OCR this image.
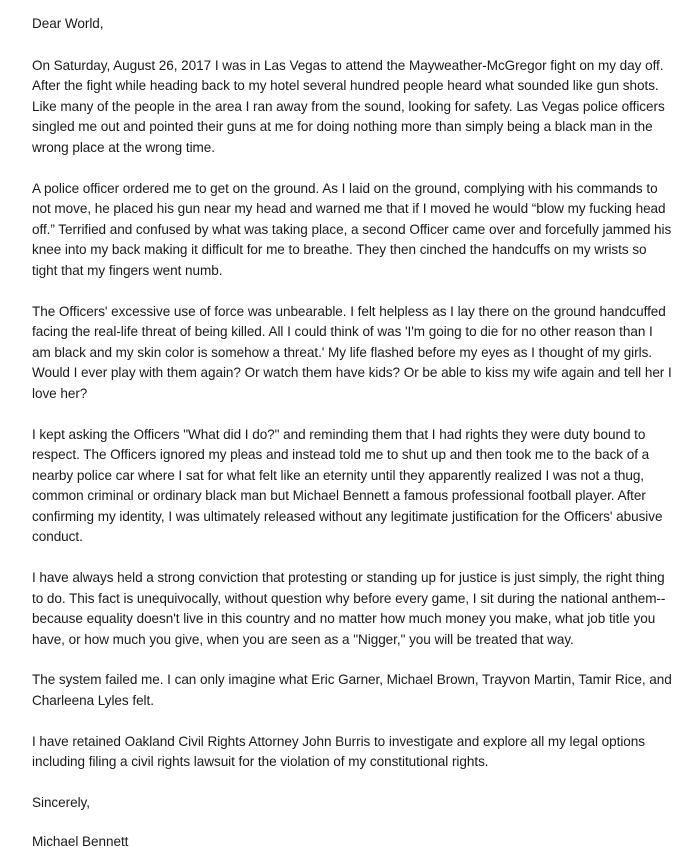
Dear World,

On Saturday, August 26, 2017 I was in Las Vegas to attend the Mayweather-McGregor fight on my day off. After the fight while heading back to my hotel several hundred people heard what sounded like gun shots. Like many of the people in the area I ran away from the sound, looking for safety. Las Vegas police officers singled me out and pointed their guns at me for doing nothing more than simply being a black man in the wrong place at the wrong time.

A police officer ordered me to get on the ground. As I laid on the ground, complying with his commands to not move, he placed his gun near my head and warned me that if I moved he would “blow my fucking head off.” Terrified and confused by what was taking place, a second Officer came over and forcefully jammed his knee into my back making it difficult for me to breathe. They then cinched the handcuffs on my wrists so tight that my fingers went numb.

The Officers' excessive use of force was unbearable. I felt helpless as I lay there on the ground handcuffed facing the real-life threat of being killed. All I could think of was 'I'm going to die for no other reason than I am black and my skin color is somehow a threat.' My life flashed before my eyes as I thought of my girls. Would I ever play with them again? Or watch them have kids? Or be able to kiss my wife again and tell her I love her?

I kept asking the Officers "What did I do?" and reminding them that I had rights they were duty bound to respect. The Officers ignored my pleas and instead told me to shut up and then took me to the back of a nearby police car where I sat for what felt like an eternity until they apparently realized I was not a thug, common criminal or ordinary black man but Michael Bennett a famous professional football player. After confirming my identity, I was ultimately released without any legitimate justification for the Officers' abusive conduct.

I have always held a strong conviction that protesting or standing up for justice is just simply, the right thing to do. This fact is unequivocally, without question why before every game, I sit during the national anthem--because equality doesn't live in this country and no matter how much money you make, what job title you have, or how much you give, when you are seen as a "Nigger," you will be treated that way.

The system failed me. I can only imagine what Eric Garner, Michael Brown, Trayvon Martin, Tamir Rice, and Charleena Lyles felt.

I have retained Oakland Civil Rights Attorney John Burris to investigate and explore all my legal options including filing a civil rights lawsuit for the violation of my constitutional rights.

Sincerely,

Michael Bennett
